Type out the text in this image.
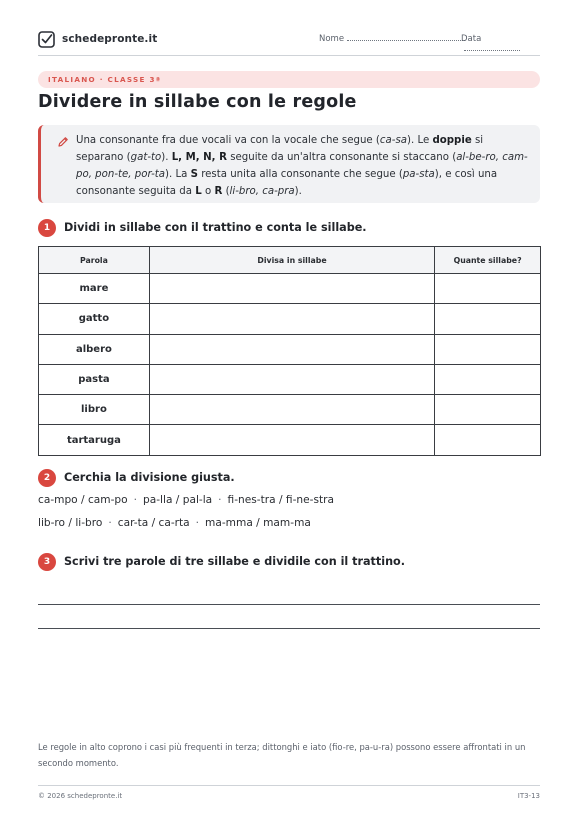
schedepronte.it	Nome	Data
ITALIANO · CLASSE 3ª
Dividere in sillabe con le regole
Una consonante fra due vocali va con la vocale che segue (ca-sa). Le doppie si separano (gat-to). L, M, N, R seguite da un'altra consonante si staccano (al-be-ro, cam-po, pon-te, por-ta). La S resta unita alla consonante che segue (pa-sta), e così una consonante seguita da L o R (li-bro, ca-pra).
1	Dividi in sillabe con il trattino e conta le sillabe.
Parola	Divisa in sillabe	Quante sillabe?
mare		
gatto		
albero		
pasta		
libro		
tartaruga		
2	Cerchia la divisione giusta.
ca-mpo / cam-po · pa-lla / pal-la · fi-nes-tra / fi-ne-stra
lib-ro / li-bro · car-ta / ca-rta · ma-mma / mam-ma
3	Scrivi tre parole di tre sillabe e dividile con il trattino.

Le regole in alto coprono i casi più frequenti in terza; dittonghi e iato (fio-re, pa-u-ra) possono essere affrontati in un secondo momento.

© 2026 schedepronte.it	IT3-13
